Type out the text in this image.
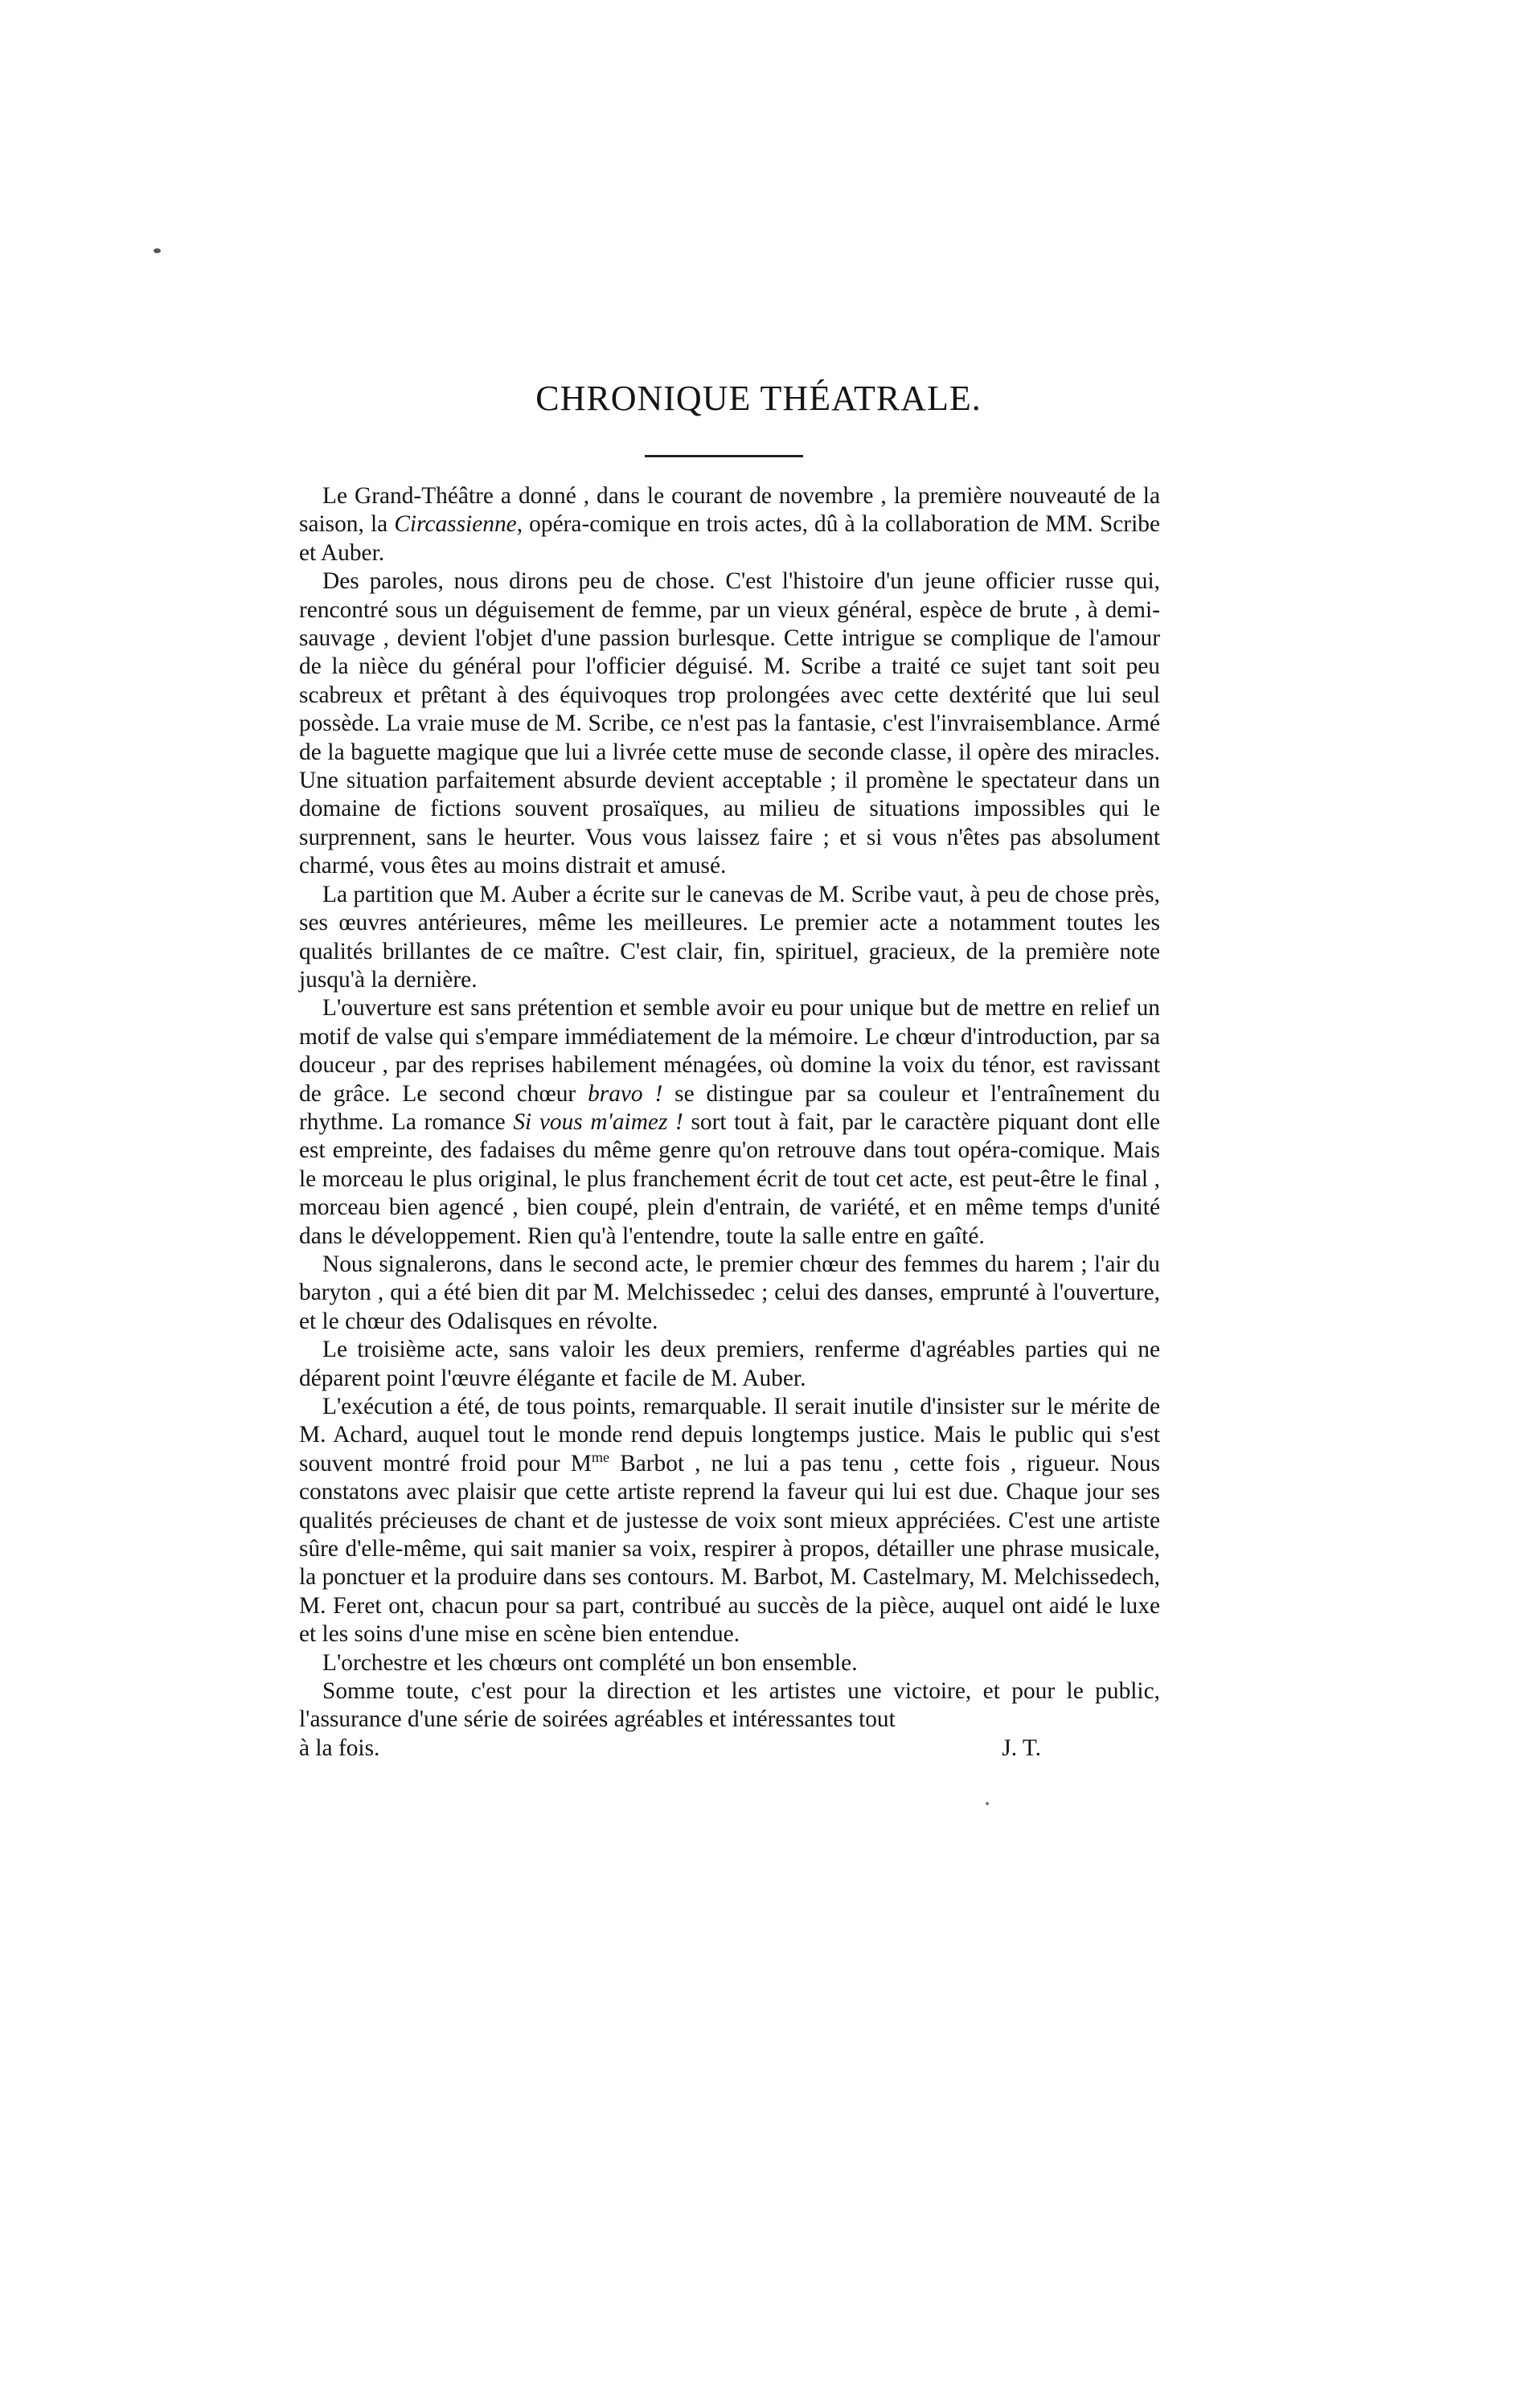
CHRONIQUE THÉATRALE.

Le Grand-Théâtre a donné , dans le courant de novembre , la première nouveauté de la saison, la Circassienne, opéra-comique en trois actes, dû à la collaboration de MM. Scribe et Auber.

Des paroles, nous dirons peu de chose. C'est l'histoire d'un jeune officier russe qui, rencontré sous un déguisement de femme, par un vieux général, espèce de brute , à demi-sauvage , devient l'objet d'une passion burlesque. Cette intrigue se complique de l'amour de la nièce du général pour l'officier déguisé. M. Scribe a traité ce sujet tant soit peu scabreux et prêtant à des équivoques trop prolongées avec cette dextérité que lui seul possède. La vraie muse de M. Scribe, ce n'est pas la fantasie, c'est l'invraisemblance. Armé de la baguette magique que lui a livrée cette muse de seconde classe, il opère des miracles. Une situation parfaitement absurde devient acceptable ; il promène le spectateur dans un domaine de fictions souvent prosaïques, au milieu de situations impossibles qui le surprennent, sans le heurter. Vous vous laissez faire ; et si vous n'êtes pas absolument charmé, vous êtes au moins distrait et amusé.

La partition que M. Auber a écrite sur le canevas de M. Scribe vaut, à peu de chose près, ses œuvres antérieures, même les meilleures. Le premier acte a notamment toutes les qualités brillantes de ce maître. C'est clair, fin, spirituel, gracieux, de la première note jusqu'à la dernière.

L'ouverture est sans prétention et semble avoir eu pour unique but de mettre en relief un motif de valse qui s'empare immédiatement de la mémoire. Le chœur d'introduction, par sa douceur , par des reprises habilement ménagées, où domine la voix du ténor, est ravissant de grâce. Le second chœur bravo ! se distingue par sa couleur et l'entraînement du rhythme. La romance Si vous m'aimez ! sort tout à fait, par le caractère piquant dont elle est empreinte, des fadaises du même genre qu'on retrouve dans tout opéra-comique. Mais le morceau le plus original, le plus franchement écrit de tout cet acte, est peut-être le final , morceau bien agencé , bien coupé, plein d'entrain, de variété, et en même temps d'unité dans le développement. Rien qu'à l'entendre, toute la salle entre en gaîté.

Nous signalerons, dans le second acte, le premier chœur des femmes du harem ; l'air du baryton , qui a été bien dit par M. Melchissedec ; celui des danses, emprunté à l'ouverture, et le chœur des Odalisques en révolte.

Le troisième acte, sans valoir les deux premiers, renferme d'agréables parties qui ne déparent point l'œuvre élégante et facile de M. Auber.

L'exécution a été, de tous points, remarquable. Il serait inutile d'insister sur le mérite de M. Achard, auquel tout le monde rend depuis longtemps justice. Mais le public qui s'est souvent montré froid pour $M^{me}$ Barbot , ne lui a pas tenu , cette fois , rigueur. Nous constatons avec plaisir que cette artiste reprend la faveur qui lui est due. Chaque jour ses qualités précieuses de chant et de justesse de voix sont mieux appréciées. C'est une artiste sûre d'elle-même, qui sait manier sa voix, respirer à propos, détailler une phrase musicale, la ponctuer et la produire dans ses contours. M. Barbot, M. Castelmary, M. Melchissedech, M. Feret ont, chacun pour sa part, contribué au succès de la pièce, auquel ont aidé le luxe et les soins d'une mise en scène bien entendue.

L'orchestre et les chœurs ont complété un bon ensemble.

Somme toute, c'est pour la direction et les artistes une victoire, et pour le public, l'assurance d'une série de soirées agréables et intéressantes tout

à la fois.	J. T.
